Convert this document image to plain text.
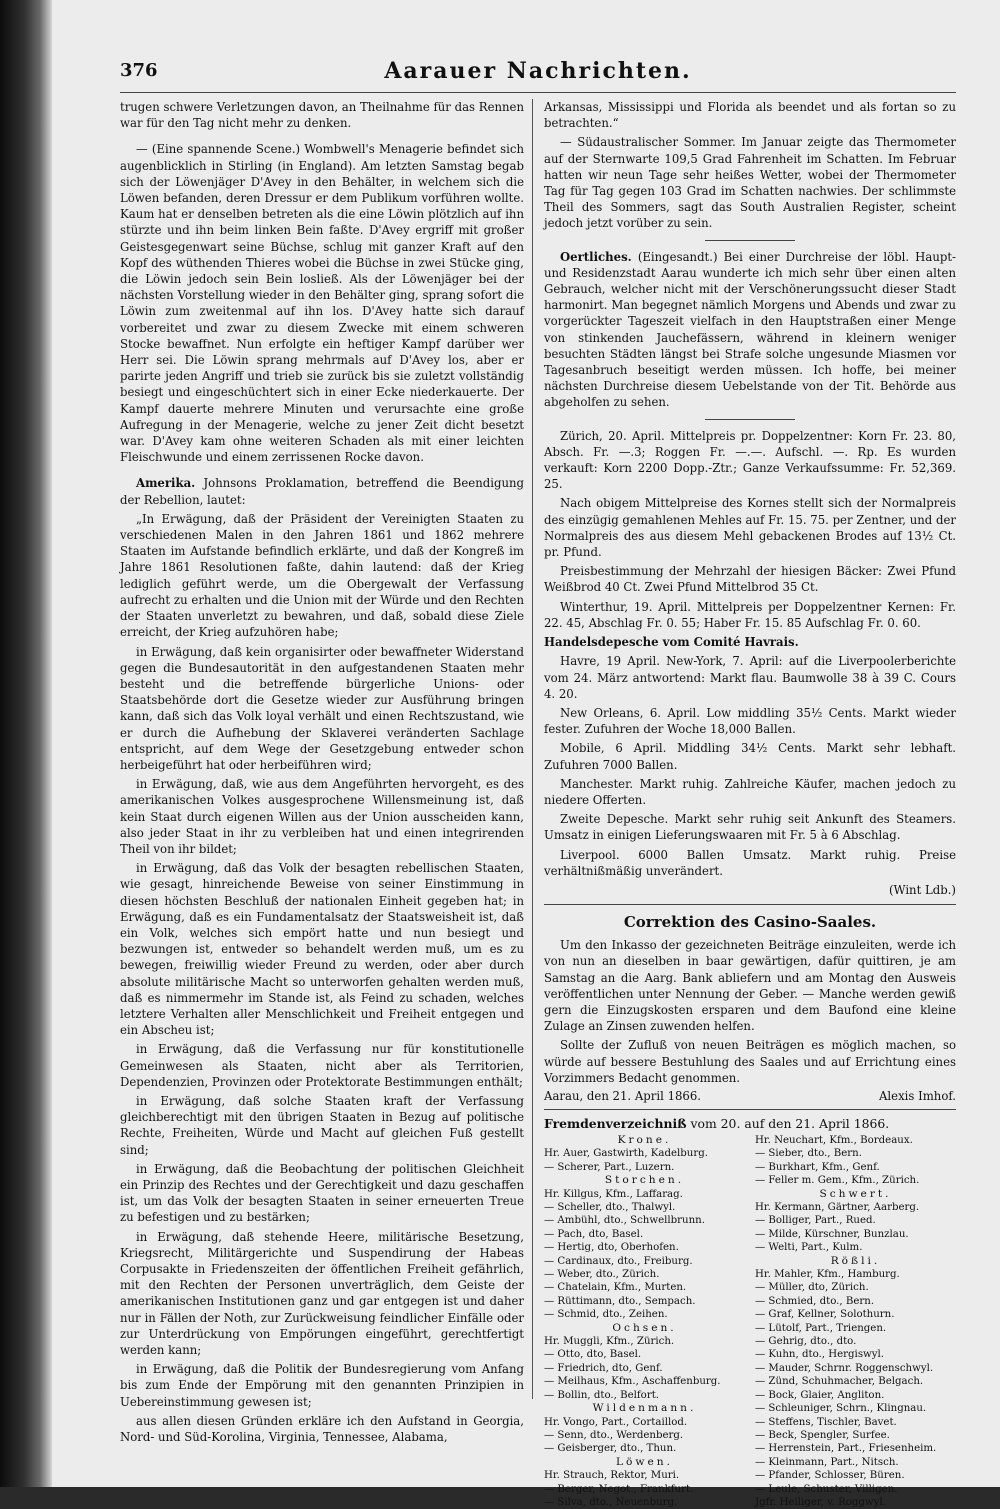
376	Aarauer Nachrichten.

trugen schwere Verletzungen davon, an Theilnahme für das Rennen war für den Tag nicht mehr zu denken.

— (Eine spannende Scene.) Wombwell's Menagerie befindet sich augenblicklich in Stirling (in England). Am letzten Samstag begab sich der Löwenjäger D'Avey in den Behälter, in welchem sich die Löwen befanden, deren Dressur er dem Publikum vorführen wollte. Kaum hat er denselben betreten als die eine Löwin plötzlich auf ihn stürzte und ihn beim linken Bein faßte. D'Avey ergriff mit großer Geistesgegenwart seine Büchse, schlug mit ganzer Kraft auf den Kopf des wüthenden Thieres wobei die Büchse in zwei Stücke ging, die Löwin jedoch sein Bein losließ. Als der Löwenjäger bei der nächsten Vorstellung wieder in den Behälter ging, sprang sofort die Löwin zum zweitenmal auf ihn los. D'Avey hatte sich darauf vorbereitet und zwar zu diesem Zwecke mit einem schweren Stocke bewaffnet. Nun erfolgte ein heftiger Kampf darüber wer Herr sei. Die Löwin sprang mehrmals auf D'Avey los, aber er parirte jeden Angriff und trieb sie zurück bis sie zuletzt vollständig besiegt und eingeschüchtert sich in einer Ecke niederkauerte. Der Kampf dauerte mehrere Minuten und verursachte eine große Aufregung in der Menagerie, welche zu jener Zeit dicht besetzt war. D'Avey kam ohne weiteren Schaden als mit einer leichten Fleischwunde und einem zerrissenen Rocke davon.

Amerika. Johnsons Proklamation, betreffend die Beendigung der Rebellion, lautet:

„In Erwägung, daß der Präsident der Vereinigten Staaten zu verschiedenen Malen in den Jahren 1861 und 1862 mehrere Staaten im Aufstande befindlich erklärte, und daß der Kongreß im Jahre 1861 Resolutionen faßte, dahin lautend: daß der Krieg lediglich geführt werde, um die Obergewalt der Verfassung aufrecht zu erhalten und die Union mit der Würde und den Rechten der Staaten unverletzt zu bewahren, und daß, sobald diese Ziele erreicht, der Krieg aufzuhören habe;

in Erwägung, daß kein organisirter oder bewaffneter Widerstand gegen die Bundesautorität in den aufgestandenen Staaten mehr besteht und die betreffende bürgerliche Unions- oder Staatsbehörde dort die Gesetze wieder zur Ausführung bringen kann, daß sich das Volk loyal verhält und einen Rechtszustand, wie er durch die Aufhebung der Sklaverei veränderten Sachlage entspricht, auf dem Wege der Gesetzgebung entweder schon herbeigeführt hat oder herbeiführen wird;

in Erwägung, daß, wie aus dem Angeführten hervorgeht, es des amerikanischen Volkes ausgesprochene Willensmeinung ist, daß kein Staat durch eigenen Willen aus der Union ausscheiden kann, also jeder Staat in ihr zu verbleiben hat und einen integrirenden Theil von ihr bildet;

in Erwägung, daß das Volk der besagten rebellischen Staaten, wie gesagt, hinreichende Beweise von seiner Einstimmung in diesen höchsten Beschluß der nationalen Einheit gegeben hat; in Erwägung, daß es ein Fundamentalsatz der Staatsweisheit ist, daß ein Volk, welches sich empört hatte und nun besiegt und bezwungen ist, entweder so behandelt werden muß, um es zu bewegen, freiwillig wieder Freund zu werden, oder aber durch absolute militärische Macht so unterworfen gehalten werden muß, daß es nimmermehr im Stande ist, als Feind zu schaden, welches letztere Verhalten aller Menschlichkeit und Freiheit entgegen und ein Abscheu ist;

in Erwägung, daß die Verfassung nur für konstitutionelle Gemeinwesen als Staaten, nicht aber als Territorien, Dependenzien, Provinzen oder Protektorate Bestimmungen enthält;

in Erwägung, daß solche Staaten kraft der Verfassung gleichberechtigt mit den übrigen Staaten in Bezug auf politische Rechte, Freiheiten, Würde und Macht auf gleichen Fuß gestellt sind;

in Erwägung, daß die Beobachtung der politischen Gleichheit ein Prinzip des Rechtes und der Gerechtigkeit und dazu geschaffen ist, um das Volk der besagten Staaten in seiner erneuerten Treue zu befestigen und zu bestärken;

in Erwägung, daß stehende Heere, militärische Besetzung, Kriegsrecht, Militärgerichte und Suspendirung der Habeas Corpusakte in Friedenszeiten der öffentlichen Freiheit gefährlich, mit den Rechten der Personen unverträglich, dem Geiste der amerikanischen Institutionen ganz und gar entgegen ist und daher nur in Fällen der Noth, zur Zurückweisung feindlicher Einfälle oder zur Unterdrückung von Empörungen eingeführt, gerechtfertigt werden kann;

in Erwägung, daß die Politik der Bundesregierung vom Anfang bis zum Ende der Empörung mit den genannten Prinzipien in Uebereinstimmung gewesen ist;

aus allen diesen Gründen erkläre ich den Aufstand in Georgia, Nord- und Süd-Korolina, Virginia, Tennessee, Alabama,

Arkansas, Mississippi und Florida als beendet und als fortan so zu betrachten.“

— Südaustralischer Sommer. Im Januar zeigte das Thermometer auf der Sternwarte 109,5 Grad Fahrenheit im Schatten. Im Februar hatten wir neun Tage sehr heißes Wetter, wobei der Thermometer Tag für Tag gegen 103 Grad im Schatten nachwies. Der schlimmste Theil des Sommers, sagt das South Australien Register, scheint jedoch jetzt vorüber zu sein.

Oertliches. (Eingesandt.) Bei einer Durchreise der löbl. Haupt- und Residenzstadt Aarau wunderte ich mich sehr über einen alten Gebrauch, welcher nicht mit der Verschönerungssucht dieser Stadt harmonirt. Man begegnet nämlich Morgens und Abends und zwar zu vorgerückter Tageszeit vielfach in den Hauptstraßen einer Menge von stinkenden Jauchefässern, während in kleinern weniger besuchten Städten längst bei Strafe solche ungesunde Miasmen vor Tagesanbruch beseitigt werden müssen. Ich hoffe, bei meiner nächsten Durchreise diesem Uebelstande von der Tit. Behörde aus abgeholfen zu sehen.

Zürich, 20. April. Mittelpreis pr. Doppelzentner: Korn Fr. 23. 80, Absch. Fr. —.3; Roggen Fr. —.—. Aufschl. —. Rp. Es wurden verkauft: Korn 2200 Dopp.-Ztr.; Ganze Verkaufssumme: Fr. 52,369. 25.

Nach obigem Mittelpreise des Kornes stellt sich der Normalpreis des einzügig gemahlenen Mehles auf Fr. 15. 75. per Zentner, und der Normalpreis des aus diesem Mehl gebackenen Brodes auf 13½ Ct. pr. Pfund.

Preisbestimmung der Mehrzahl der hiesigen Bäcker: Zwei Pfund Weißbrod 40 Ct. Zwei Pfund Mittelbrod 35 Ct.

Winterthur, 19. April. Mittelpreis per Doppelzentner Kernen: Fr. 22. 45, Abschlag Fr. 0. 55; Haber Fr. 15. 85 Aufschlag Fr. 0. 60.

Handelsdepesche vom Comité Havrais.

Havre, 19 April. New-York, 7. April: auf die Liverpoolerberichte vom 24. März antwortend: Markt flau. Baumwolle 38 à 39 C. Cours 4. 20.

New Orleans, 6. April. Low middling 35½ Cents. Markt wieder fester. Zufuhren der Woche 18,000 Ballen.

Mobile, 6 April. Middling 34½ Cents. Markt sehr lebhaft. Zufuhren 7000 Ballen.

Manchester. Markt ruhig. Zahlreiche Käufer, machen jedoch zu niedere Offerten.

Zweite Depesche. Markt sehr ruhig seit Ankunft des Steamers. Umsatz in einigen Lieferungswaaren mit Fr. 5 à 6 Abschlag.

Liverpool. 6000 Ballen Umsatz. Markt ruhig. Preise verhältnißmäßig unverändert.

(Wint Ldb.)

Correktion des Casino-Saales.

Um den Inkasso der gezeichneten Beiträge einzuleiten, werde ich von nun an dieselben in baar gewärtigen, dafür quittiren, je am Samstag an die Aarg. Bank abliefern und am Montag den Ausweis veröffentlichen unter Nennung der Geber. — Manche werden gewiß gern die Einzugskosten ersparen und dem Baufond eine kleine Zulage an Zinsen zuwenden helfen.

Sollte der Zufluß von neuen Beiträgen es möglich machen, so würde auf bessere Bestuhlung des Saales und auf Errichtung eines Vorzimmers Bedacht genommen.

Aarau, den 21. April 1866.	Alexis Imhof.
Fremdenverzeichniß vom 20. auf den 21. April 1866.
Krone.
Hr. Auer, Gastwirth, Kadelburg.
— Scherer, Part., Luzern.
Storchen.
Hr. Killgus, Kfm., Laffarag.
— Scheller, dto., Thalwyl.
— Ambühl, dto., Schwellbrunn.
— Pach, dto, Basel.
— Hertig, dto, Oberhofen.
— Cardinaux, dto., Freiburg.
— Weber, dto., Zürich.
— Chatelain, Kfm., Murten.
— Rüttimann, dto., Sempach.
— Schmid, dto., Zeihen.
Ochsen.
Hr. Muggli, Kfm., Zürich.
— Otto, dto, Basel.
— Friedrich, dto, Genf.
— Meilhaus, Kfm., Aschaffenburg.
— Bollin, dto., Belfort.
Wildenmann.
Hr. Vongo, Part., Cortaillod.
— Senn, dto., Werdenberg.
— Geisberger, dto., Thun.
Löwen.
Hr. Strauch, Rektor, Muri.
— Berger, Negot., Frankfurt.
— Silva, dto., Neuenburg.
Hr. Neuchart, Kfm., Bordeaux.
— Sieber, dto., Bern.
— Burkhart, Kfm., Genf.
— Feller m. Gem., Kfm., Zürich.
Schwert.
Hr. Kermann, Gärtner, Aarberg.
— Bolliger, Part., Rued.
— Milde, Kürschner, Bunzlau.
— Welti, Part., Kulm.
Rößli.
Hr. Mahler, Kfm., Hamburg.
— Müller, dto, Zürich.
— Schmied, dto., Bern.
— Graf, Kellner, Solothurn.
— Lütolf, Part., Triengen.
— Gehrig, dto., dto.
— Kuhn, dto., Hergiswyl.
— Mauder, Schrnr. Roggenschwyl.
— Zünd, Schuhmacher, Belgach.
— Bock, Glaier, Angliton.
— Schleuniger, Schrn., Klingnau.
— Steffens, Tischler, Bavet.
— Beck, Spengler, Surfee.
— Herrenstein, Part., Friesenheim.
— Kleinmann, Part., Nitsch.
— Pfander, Schlosser, Büren.
— Leule, Schuster, Villigen.
Jgfr. Heiliger, v. Roggwyl.
